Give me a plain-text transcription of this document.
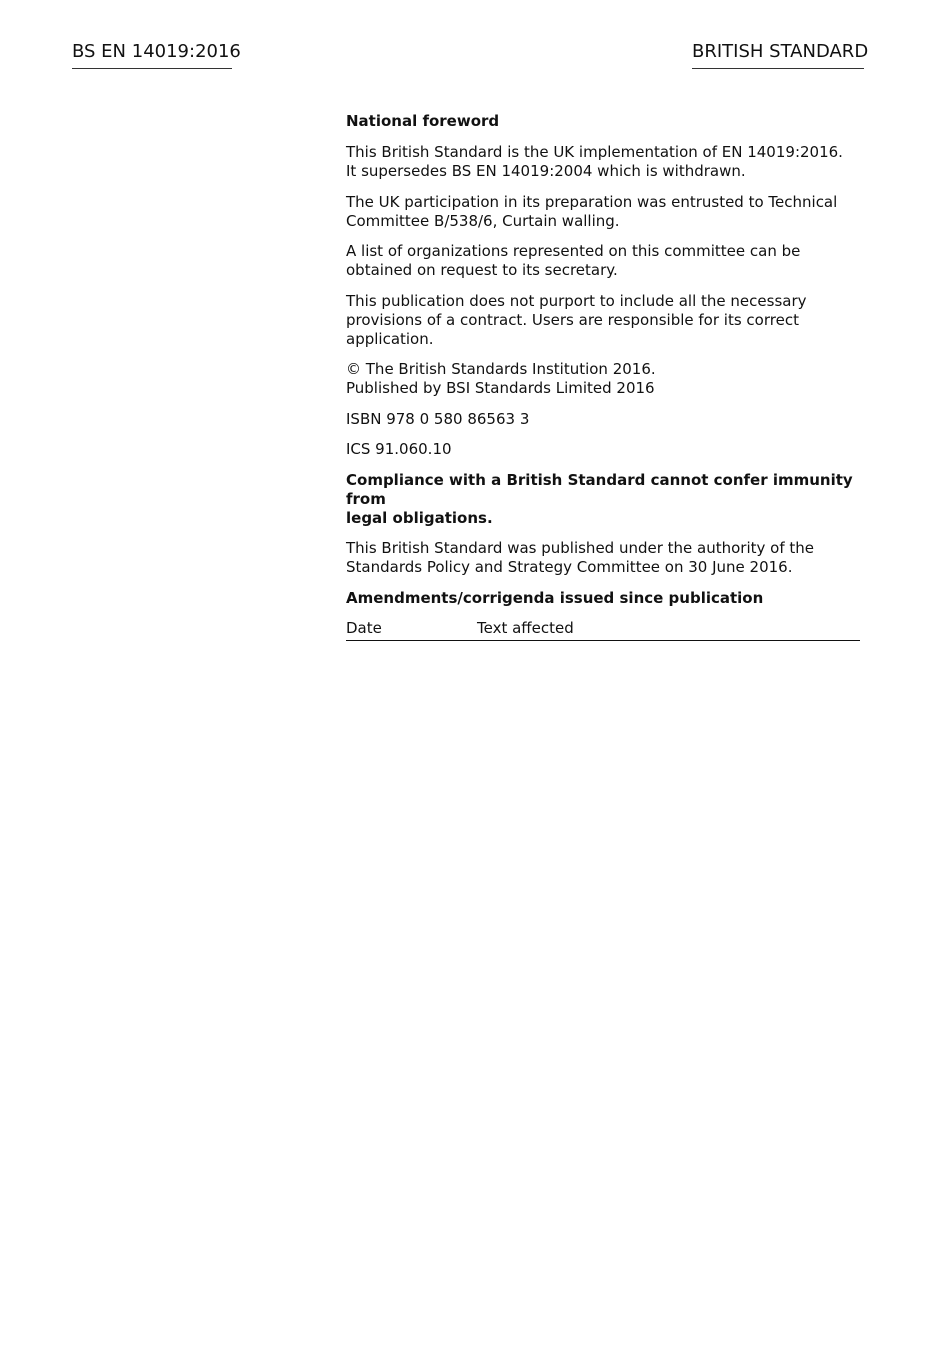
BS EN 14019:2016	BRITISH STANDARD

National foreword

This British Standard is the UK implementation of EN 14019:2016.
It supersedes BS EN 14019:2004 which is withdrawn.

The UK participation in its preparation was entrusted to Technical
Committee B/538/6, Curtain walling.

A list of organizations represented on this committee can be
obtained on request to its secretary.

This publication does not purport to include all the necessary
provisions of a contract. Users are responsible for its correct
application.

© The British Standards Institution 2016.
Published by BSI Standards Limited 2016

ISBN 978 0 580 86563 3

ICS 91.060.10

Compliance with a British Standard cannot confer immunity from
legal obligations.

This British Standard was published under the authority of the
Standards Policy and Strategy Committee on 30 June 2016.

Amendments/corrigenda issued since publication

Date	Text affected
